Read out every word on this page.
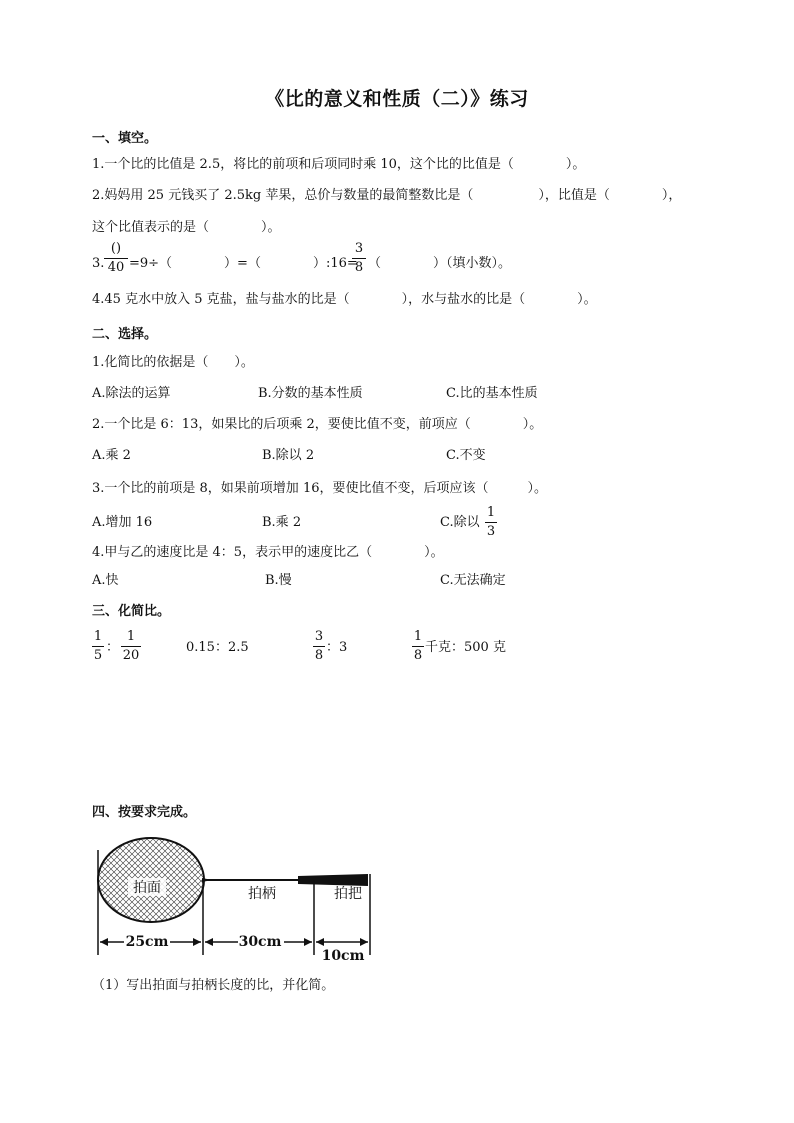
《比的意义和性质（二）》练习
一、填空。
1.一个比的比值是 2.5，将比的前项和后项同时乘 10，这个比的比值是（　　　　）。
2.妈妈用 25 元钱买了 2.5kg 苹果，总价与数量的最简整数比是（　　　　　），比值是（　　　　），
这个比值表示的是（　　　　）。
3.
()
40 =9÷（　　　　）=（　　　　）:16=
3
8 （　　　　）（填小数）。
4.45 克水中放入 5 克盐，盐与盐水的比是（　　　　），水与盐水的比是（　　　　）。
二、选择。
1.化简比的依据是（　　）。
A.除法的运算	B.分数的基本性质	C.比的基本性质
2.一个比是 6：13，如果比的后项乘 2，要使比值不变，前项应（　　　　）。
A.乘 2	B.除以 2	C.不变
3.一个比的前项是 8，如果前项增加 16，要使比值不变，后项应该（　　　）。
A.增加 16	B.乘 2	C.除以
1
3
4.甲与乙的速度比是 4：5，表示甲的速度比乙（　　　　）。
A.快	B.慢	C.无法确定
三、化简比。
1
5
：
1
20
0.15：2.5
3
8
：3
1
8
千克：500 克
四、按要求完成。
拍面	拍柄	拍把
25cm	30cm
10cm
（1）写出拍面与拍柄长度的比，并化简。
